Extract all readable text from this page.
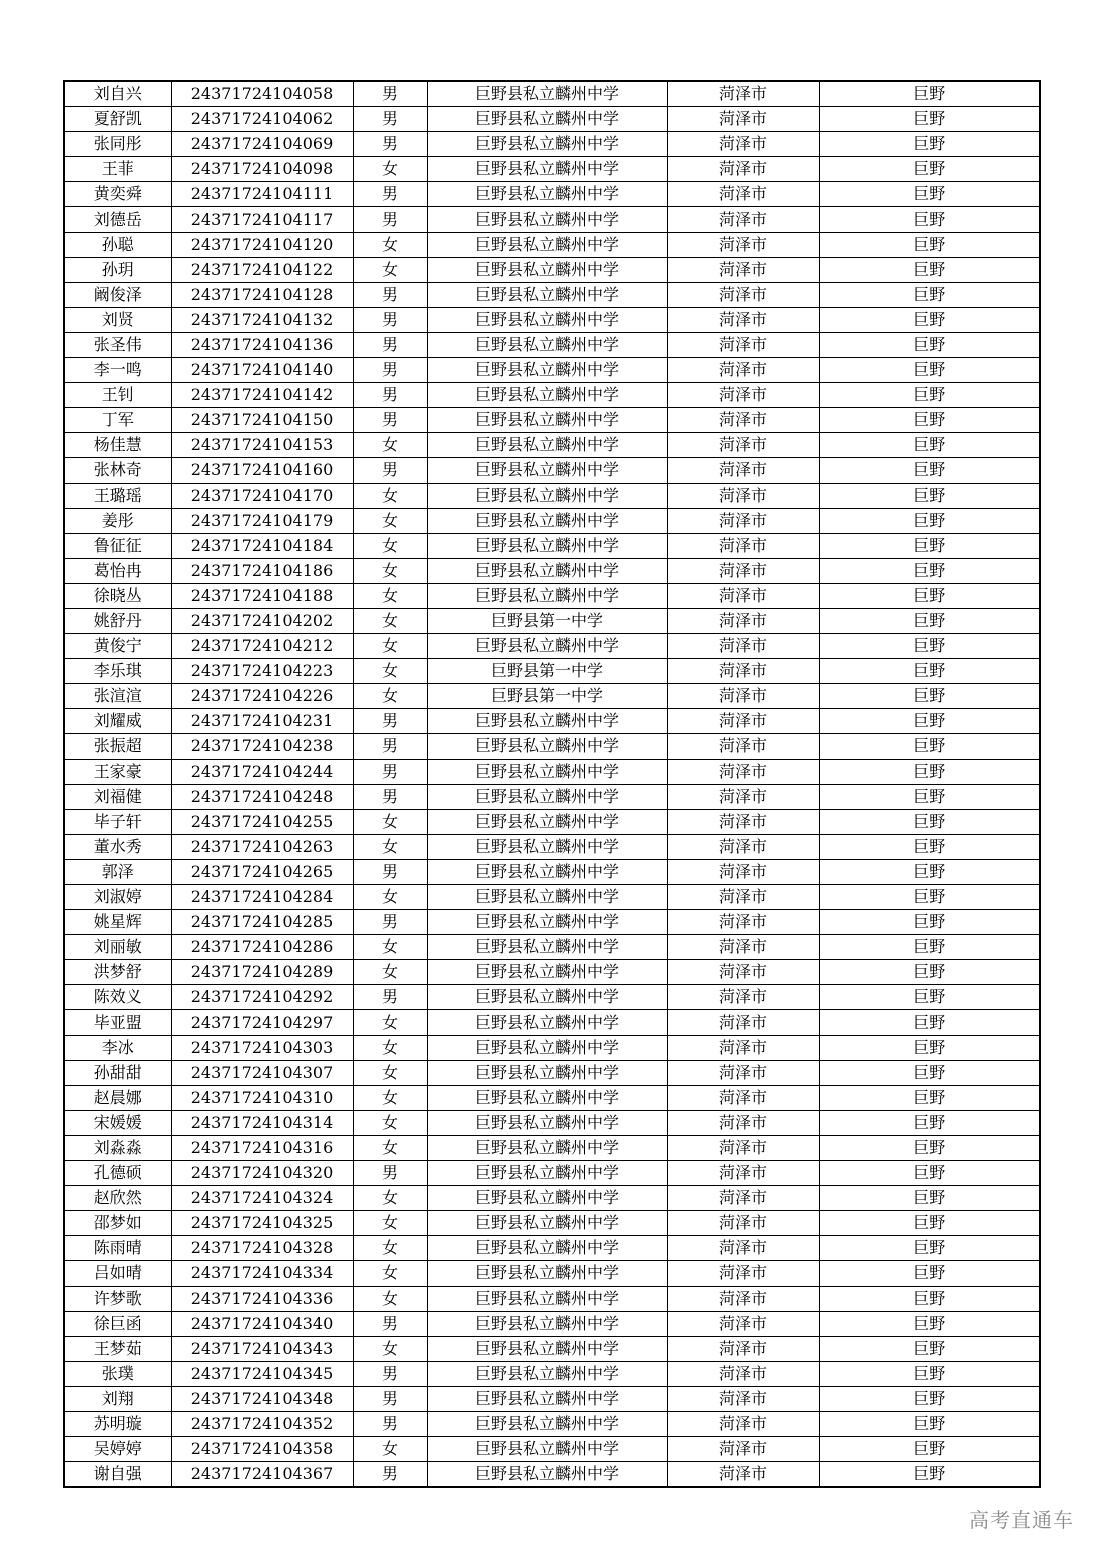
刘自兴	24371724104058	男	巨野县私立麟州中学	菏泽市	巨野
夏舒凯	24371724104062	男	巨野县私立麟州中学	菏泽市	巨野
张同彤	24371724104069	男	巨野县私立麟州中学	菏泽市	巨野
王菲	24371724104098	女	巨野县私立麟州中学	菏泽市	巨野
黄奕舜	24371724104111	男	巨野县私立麟州中学	菏泽市	巨野
刘德岳	24371724104117	男	巨野县私立麟州中学	菏泽市	巨野
孙聪	24371724104120	女	巨野县私立麟州中学	菏泽市	巨野
孙玥	24371724104122	女	巨野县私立麟州中学	菏泽市	巨野
阚俊泽	24371724104128	男	巨野县私立麟州中学	菏泽市	巨野
刘贤	24371724104132	男	巨野县私立麟州中学	菏泽市	巨野
张圣伟	24371724104136	男	巨野县私立麟州中学	菏泽市	巨野
李一鸣	24371724104140	男	巨野县私立麟州中学	菏泽市	巨野
王钊	24371724104142	男	巨野县私立麟州中学	菏泽市	巨野
丁军	24371724104150	男	巨野县私立麟州中学	菏泽市	巨野
杨佳慧	24371724104153	女	巨野县私立麟州中学	菏泽市	巨野
张林奇	24371724104160	男	巨野县私立麟州中学	菏泽市	巨野
王璐瑶	24371724104170	女	巨野县私立麟州中学	菏泽市	巨野
姜彤	24371724104179	女	巨野县私立麟州中学	菏泽市	巨野
鲁征征	24371724104184	女	巨野县私立麟州中学	菏泽市	巨野
葛怡冉	24371724104186	女	巨野县私立麟州中学	菏泽市	巨野
徐晓丛	24371724104188	女	巨野县私立麟州中学	菏泽市	巨野
姚舒丹	24371724104202	女	巨野县第一中学	菏泽市	巨野
黄俊宁	24371724104212	女	巨野县私立麟州中学	菏泽市	巨野
李乐琪	24371724104223	女	巨野县第一中学	菏泽市	巨野
张渲渲	24371724104226	女	巨野县第一中学	菏泽市	巨野
刘耀威	24371724104231	男	巨野县私立麟州中学	菏泽市	巨野
张振超	24371724104238	男	巨野县私立麟州中学	菏泽市	巨野
王家豪	24371724104244	男	巨野县私立麟州中学	菏泽市	巨野
刘福健	24371724104248	男	巨野县私立麟州中学	菏泽市	巨野
毕子轩	24371724104255	女	巨野县私立麟州中学	菏泽市	巨野
董水秀	24371724104263	女	巨野县私立麟州中学	菏泽市	巨野
郭泽	24371724104265	男	巨野县私立麟州中学	菏泽市	巨野
刘淑婷	24371724104284	女	巨野县私立麟州中学	菏泽市	巨野
姚星辉	24371724104285	男	巨野县私立麟州中学	菏泽市	巨野
刘丽敏	24371724104286	女	巨野县私立麟州中学	菏泽市	巨野
洪梦舒	24371724104289	女	巨野县私立麟州中学	菏泽市	巨野
陈效义	24371724104292	男	巨野县私立麟州中学	菏泽市	巨野
毕亚盟	24371724104297	女	巨野县私立麟州中学	菏泽市	巨野
李冰	24371724104303	女	巨野县私立麟州中学	菏泽市	巨野
孙甜甜	24371724104307	女	巨野县私立麟州中学	菏泽市	巨野
赵晨娜	24371724104310	女	巨野县私立麟州中学	菏泽市	巨野
宋媛媛	24371724104314	女	巨野县私立麟州中学	菏泽市	巨野
刘淼淼	24371724104316	女	巨野县私立麟州中学	菏泽市	巨野
孔德硕	24371724104320	男	巨野县私立麟州中学	菏泽市	巨野
赵欣然	24371724104324	女	巨野县私立麟州中学	菏泽市	巨野
邵梦如	24371724104325	女	巨野县私立麟州中学	菏泽市	巨野
陈雨晴	24371724104328	女	巨野县私立麟州中学	菏泽市	巨野
吕如晴	24371724104334	女	巨野县私立麟州中学	菏泽市	巨野
许梦歌	24371724104336	女	巨野县私立麟州中学	菏泽市	巨野
徐巨函	24371724104340	男	巨野县私立麟州中学	菏泽市	巨野
王梦茹	24371724104343	女	巨野县私立麟州中学	菏泽市	巨野
张璞	24371724104345	男	巨野县私立麟州中学	菏泽市	巨野
刘翔	24371724104348	男	巨野县私立麟州中学	菏泽市	巨野
苏明璇	24371724104352	男	巨野县私立麟州中学	菏泽市	巨野
吴婷婷	24371724104358	女	巨野县私立麟州中学	菏泽市	巨野
谢自强	24371724104367	男	巨野县私立麟州中学	菏泽市	巨野
高考直通车
